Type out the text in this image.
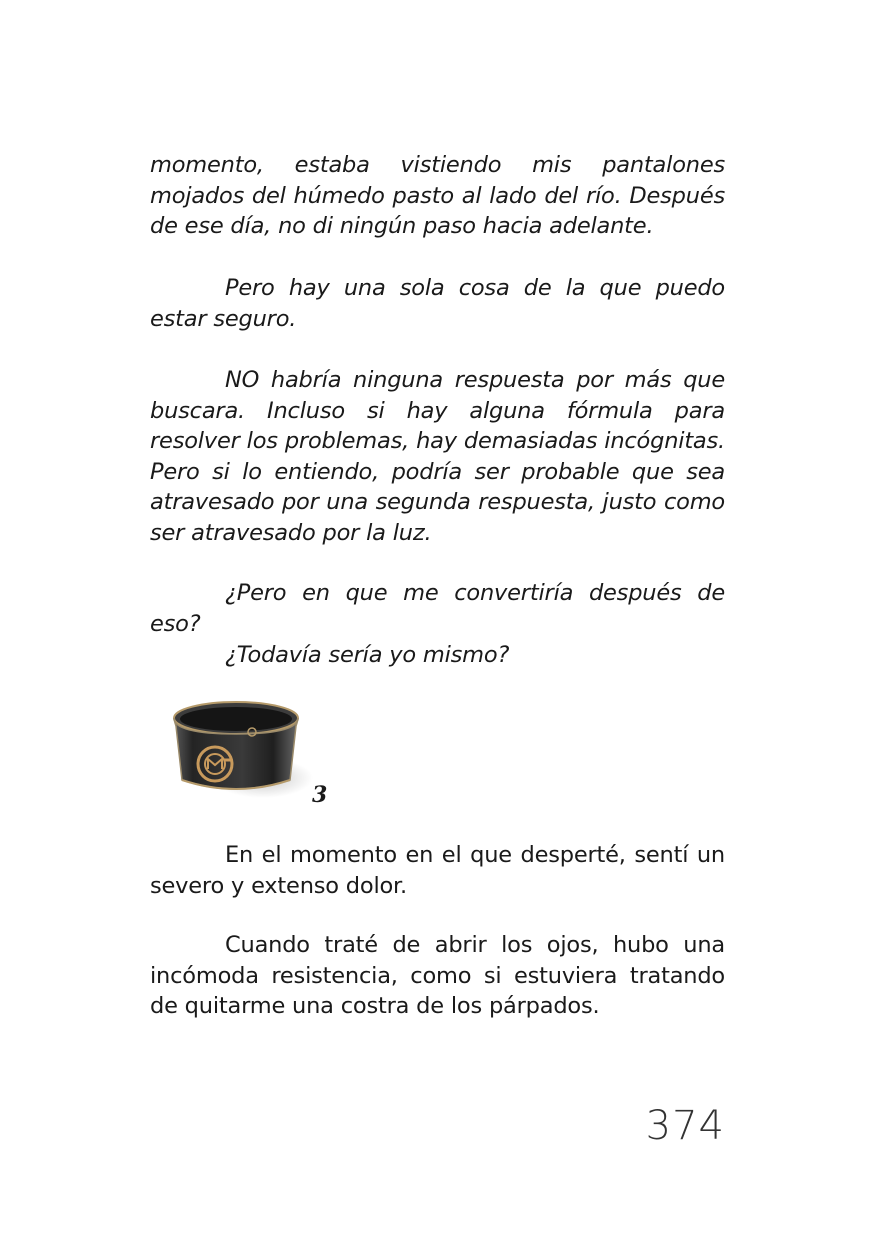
momento, estaba vistiendo mis pantalones mojados del húmedo pasto al lado del río. Después de ese día, no di ningún paso hacia adelante.

Pero hay una sola cosa de la que puedo estar seguro.

NO habría ninguna respuesta por más que buscara. Incluso si hay alguna fórmula para resolver los problemas, hay demasiadas incógnitas. Pero si lo entiendo, podría ser probable que sea atravesado por una segunda respuesta, justo como ser atravesado por la luz.

¿Pero en que me convertiría después de eso?

¿Todavía sería yo mismo?

3

En el momento en el que desperté, sentí un severo y extenso dolor.

Cuando traté de abrir los ojos, hubo una incómoda resistencia, como si estuviera tratando de quitarme una costra de los párpados.

374
